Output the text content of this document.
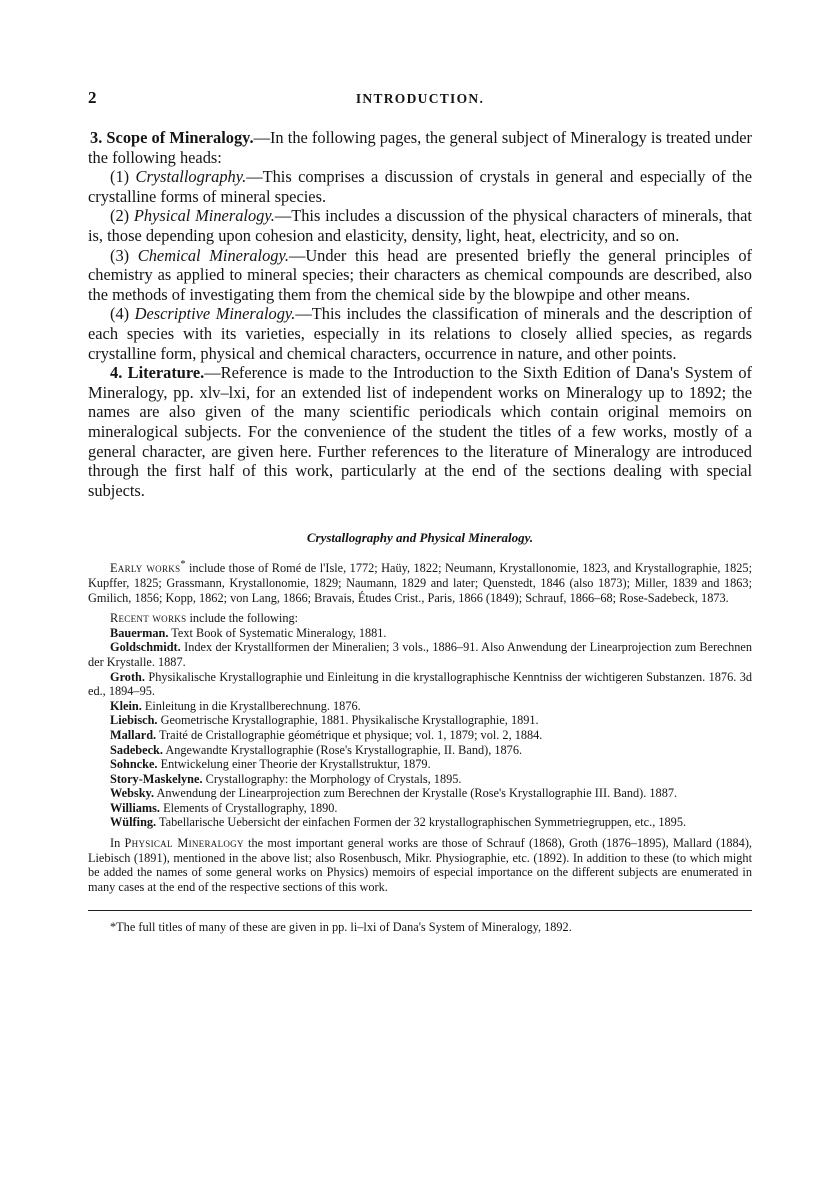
2	INTRODUCTION.

3. Scope of Mineralogy.—In the following pages, the general subject of Mineralogy is treated under the following heads:

(1) Crystallography.—This comprises a discussion of crystals in general and especially of the crystalline forms of mineral species.

(2) Physical Mineralogy.—This includes a discussion of the physical characters of minerals, that is, those depending upon cohesion and elasticity, density, light, heat, electricity, and so on.

(3) Chemical Mineralogy.—Under this head are presented briefly the general principles of chemistry as applied to mineral species; their characters as chemical compounds are described, also the methods of investigating them from the chemical side by the blowpipe and other means.

(4) Descriptive Mineralogy.—This includes the classification of minerals and the description of each species with its varieties, especially in its relations to closely allied species, as regards crystalline form, physical and chemical characters, occurrence in nature, and other points.

4. Literature.—Reference is made to the Introduction to the Sixth Edition of Dana's System of Mineralogy, pp. xlv–lxi, for an extended list of independent works on Mineralogy up to 1892; the names are also given of the many scientific periodicals which contain original memoirs on mineralogical subjects. For the convenience of the student the titles of a few works, mostly of a general character, are given here. Further references to the literature of Mineralogy are introduced through the first half of this work, particularly at the end of the sections dealing with special subjects.

Crystallography and Physical Mineralogy.

Early works* include those of Romé de l'Isle, 1772; Haüy, 1822; Neumann, Krystallonomie, 1823, and Krystallographie, 1825; Kupffer, 1825; Grassmann, Krystallonomie, 1829; Naumann, 1829 and later; Quenstedt, 1846 (also 1873); Miller, 1839 and 1863; Gmilich, 1856; Kopp, 1862; von Lang, 1866; Bravais, Études Crist., Paris, 1866 (1849); Schrauf, 1866–68; Rose-Sadebeck, 1873.

Recent works include the following:

Bauerman. Text Book of Systematic Mineralogy, 1881.

Goldschmidt. Index der Krystallformen der Mineralien; 3 vols., 1886–91. Also Anwendung der Linearprojection zum Berechnen der Krystalle. 1887.

Groth. Physikalische Krystallographie und Einleitung in die krystallographische Kenntniss der wichtigeren Substanzen. 1876. 3d ed., 1894–95.

Klein. Einleitung in die Krystallberechnung. 1876.

Liebisch. Geometrische Krystallographie, 1881. Physikalische Krystallographie, 1891.

Mallard. Traité de Cristallographie géométrique et physique; vol. 1, 1879; vol. 2, 1884.

Sadebeck. Angewandte Krystallographie (Rose's Krystallographie, II. Band), 1876.

Sohncke. Entwickelung einer Theorie der Krystallstruktur, 1879.

Story-Maskelyne. Crystallography: the Morphology of Crystals, 1895.

Websky. Anwendung der Linearprojection zum Berechnen der Krystalle (Rose's Krystallographie III. Band). 1887.

Williams. Elements of Crystallography, 1890.

Wülfing. Tabellarische Uebersicht der einfachen Formen der 32 krystallographischen Symmetriegruppen, etc., 1895.

In Physical Mineralogy the most important general works are those of Schrauf (1868), Groth (1876–1895), Mallard (1884), Liebisch (1891), mentioned in the above list; also Rosenbusch, Mikr. Physiographie, etc. (1892). In addition to these (to which might be added the names of some general works on Physics) memoirs of especial importance on the different subjects are enumerated in many cases at the end of the respective sections of this work.

*The full titles of many of these are given in pp. li–lxi of Dana's System of Mineralogy, 1892.
